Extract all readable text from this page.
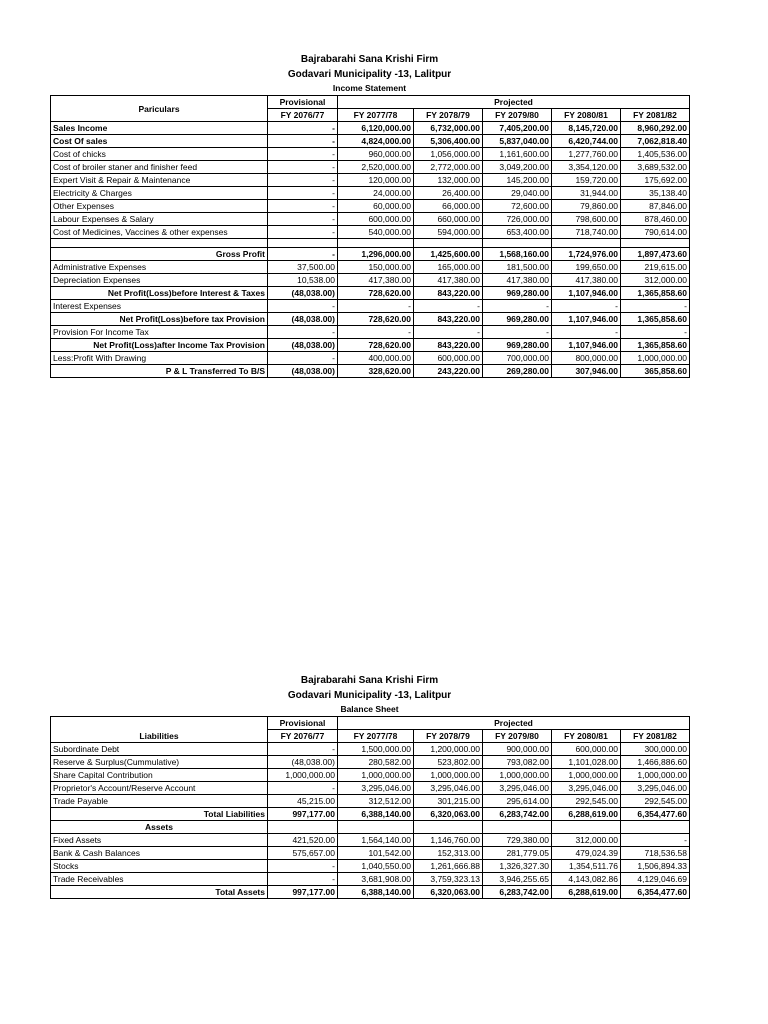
Bajrabarahi Sana Krishi Firm
Godavari Municipality -13, Lalitpur
Income Statement
Pariculars	Provisional	Projected				
	FY 2076/77	FY 2077/78	FY 2078/79	FY 2079/80	FY 2080/81	FY 2081/82
Sales Income	-	6,120,000.00	6,732,000.00	7,405,200.00	8,145,720.00	8,960,292.00
Cost Of sales	-	4,824,000.00	5,306,400.00	5,837,040.00	6,420,744.00	7,062,818.40
Cost of chicks	-	960,000.00	1,056,000.00	1,161,600.00	1,277,760.00	1,405,536.00
Cost of broiler staner and finisher feed	-	2,520,000.00	2,772,000.00	3,049,200.00	3,354,120.00	3,689,532.00
Expert Visit & Repair & Maintenance	-	120,000.00	132,000.00	145,200.00	159,720.00	175,692.00
Electricity & Charges	-	24,000.00	26,400.00	29,040.00	31,944.00	35,138.40
Other Expenses	-	60,000.00	66,000.00	72,600.00	79,860.00	87,846.00
Labour Expenses & Salary	-	600,000.00	660,000.00	726,000.00	798,600.00	878,460.00
Cost of Medicines, Vaccines & other expenses	-	540,000.00	594,000.00	653,400.00	718,740.00	790,614.00

Gross Profit	-	1,296,000.00	1,425,600.00	1,568,160.00	1,724,976.00	1,897,473.60
Administrative Expenses	37,500.00	150,000.00	165,000.00	181,500.00	199,650.00	219,615.00
Depreciation Expenses	10,538.00	417,380.00	417,380.00	417,380.00	417,380.00	312,000.00
Net Profit(Loss)before Interest & Taxes	(48,038.00)	728,620.00	843,220.00	969,280.00	1,107,946.00	1,365,858.60
Interest Expenses	-	-	-	-	-	-
Net Profit(Loss)before tax Provision	(48,038.00)	728,620.00	843,220.00	969,280.00	1,107,946.00	1,365,858.60
Provision For Income Tax	-	-	-	-	-	-
Net Profit(Loss)after Income Tax Provision	(48,038.00)	728,620.00	843,220.00	969,280.00	1,107,946.00	1,365,858.60
Less:Profit With Drawing	-	400,000.00	600,000.00	700,000.00	800,000.00	1,000,000.00
P & L Transferred To B/S	(48,038.00)	328,620.00	243,220.00	269,280.00	307,946.00	365,858.60
Bajrabarahi Sana Krishi Firm
Godavari Municipality -13, Lalitpur
Balance Sheet
	Provisional	Projected				
Liabilities	FY 2076/77	FY 2077/78	FY 2078/79	FY 2079/80	FY 2080/81	FY 2081/82
Subordinate Debt	-	1,500,000.00	1,200,000.00	900,000.00	600,000.00	300,000.00
Reserve & Surplus(Cummulative)	(48,038.00)	280,582.00	523,802.00	793,082.00	1,101,028.00	1,466,886.60
Share Capital Contribution	1,000,000.00	1,000,000.00	1,000,000.00	1,000,000.00	1,000,000.00	1,000,000.00
Proprietor's Account/Reserve Account	-	3,295,046.00	3,295,046.00	3,295,046.00	3,295,046.00	3,295,046.00
Trade Payable	45,215.00	312,512.00	301,215.00	295,614.00	292,545.00	292,545.00
Total Liabilities	997,177.00	6,388,140.00	6,320,063.00	6,283,742.00	6,288,619.00	6,354,477.60
Assets						
Fixed Assets	421,520.00	1,564,140.00	1,146,760.00	729,380.00	312,000.00	-
Bank & Cash Balances	575,657.00	101,542.00	152,313.00	281,779.05	479,024.39	718,536.58
Stocks	-	1,040,550.00	1,261,666.88	1,326,327.30	1,354,511.76	1,506,894.33
Trade Receivables	-	3,681,908.00	3,759,323.13	3,946,255.65	4,143,082.86	4,129,046.69
Total Assets	997,177.00	6,388,140.00	6,320,063.00	6,283,742.00	6,288,619.00	6,354,477.60
